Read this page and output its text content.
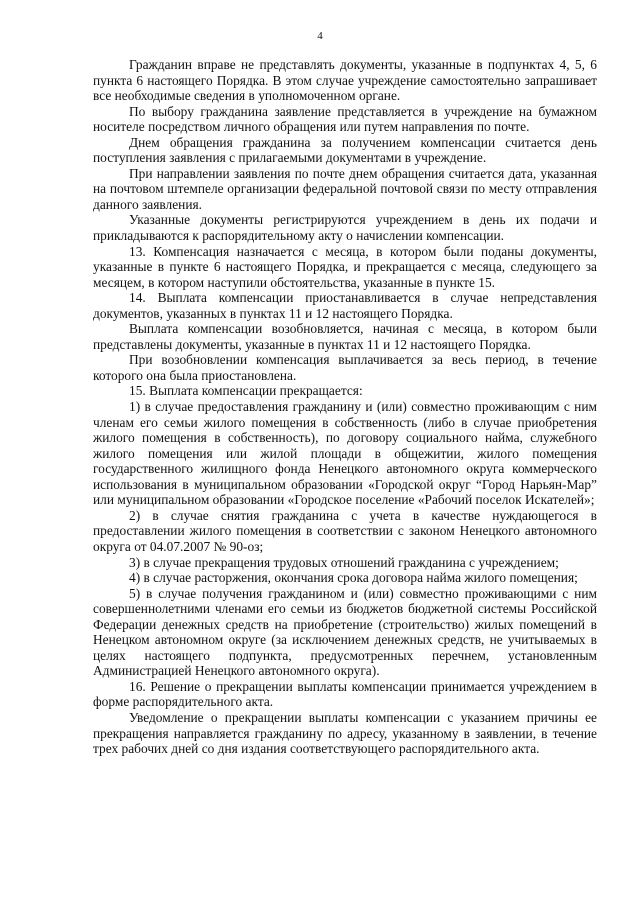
4

Гражданин вправе не представлять документы, указанные в подпунктах 4, 5, 6 пункта 6 настоящего Порядка. В этом случае учреждение самостоятельно запрашивает все необходимые сведения в уполномоченном органе.

По выбору гражданина заявление представляется в учреждение на бумажном носителе посредством личного обращения или путем направления по почте.

Днем обращения гражданина за получением компенсации считается день поступления заявления с прилагаемыми документами в учреждение.

При направлении заявления по почте днем обращения считается дата, указанная на почтовом штемпеле организации федеральной почтовой связи по месту отправления данного заявления.

Указанные документы регистрируются учреждением в день их подачи и прикладываются к распорядительному акту о начислении компенсации.

13. Компенсация назначается с месяца, в котором были поданы документы, указанные в пункте 6 настоящего Порядка, и прекращается с месяца, следующего за месяцем, в котором наступили обстоятельства, указанные в пункте 15.

14. Выплата компенсации приостанавливается в случае непредставления документов, указанных в пунктах 11 и 12 настоящего Порядка.

Выплата компенсации возобновляется, начиная с месяца, в котором были представлены документы, указанные в пунктах 11 и 12 настоящего Порядка.

При возобновлении компенсация выплачивается за весь период, в течение которого она была приостановлена.

15. Выплата компенсации прекращается:

1) в случае предоставления гражданину и (или) совместно проживающим с ним членам его семьи жилого помещения в собственность (либо в случае приобретения жилого помещения в собственность), по договору социального найма, служебного жилого помещения или жилой площади в общежитии, жилого помещения государственного жилищного фонда Ненецкого автономного округа коммерческого использования в муниципальном образовании «Городской округ “Город Нарьян-Мар” или муниципальном образовании «Городское поселение «Рабочий поселок Искателей»;

2) в случае снятия гражданина с учета в качестве нуждающегося в предоставлении жилого помещения в соответствии с законом Ненецкого автономного округа от 04.07.2007 № 90-оз;

3) в случае прекращения трудовых отношений гражданина с учреждением;

4) в случае расторжения, окончания срока договора найма жилого помещения;

5) в случае получения гражданином и (или) совместно проживающими с ним совершеннолетними членами его семьи из бюджетов бюджетной системы Российской Федерации денежных средств на приобретение (строительство) жилых помещений в Ненецком автономном округе (за исключением денежных средств, не учитываемых в целях настоящего подпункта, предусмотренных перечнем, установленным Администрацией Ненецкого автономного округа).

16. Решение о прекращении выплаты компенсации принимается учреждением в форме распорядительного акта.

Уведомление о прекращении выплаты компенсации с указанием причины ее прекращения направляется гражданину по адресу, указанному в заявлении, в течение трех рабочих дней со дня издания соответствующего распорядительного акта.
